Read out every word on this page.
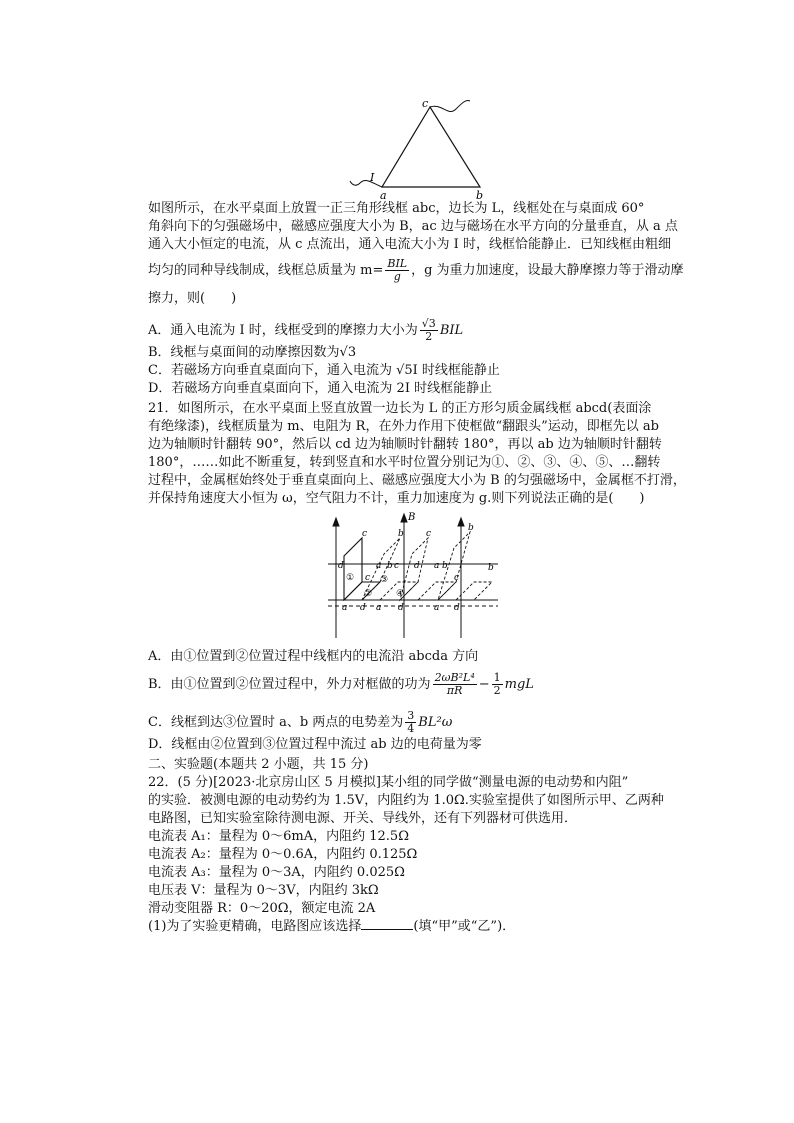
c
a	b
I
如图所示，在水平桌面上放置一正三角形线框 abc，边长为 L，线框处在与桌面成 60°
角斜向下的匀强磁场中，磁感应强度大小为 B，ac 边与磁场在水平方向的分量垂直，从 a 点
通入大小恒定的电流，从 c 点流出，通入电流大小为 I 时，线框恰能静止．已知线框由粗细
均匀的同种导线制成，线框总质量为 $m= \frac{\text{BIL}}{g}$ ，g 为重力加速度，设最大静摩擦力等于滑动摩
擦力，则(　　)
A．通入电流为 I 时，线框受到的摩擦力大小为 $\frac{√3}{2}$ BIL
B．线框与桌面间的动摩擦因数为√3
C．若磁场方向垂直桌面向下，通入电流为 √5I 时线框能静止
D．若磁场方向垂直桌面向下，通入电流为 2I 时线框能静止
21．如图所示，在水平桌面上竖直放置一边长为 L 的正方形匀质金属线框 abcd(表面涂
有绝缘漆)，线框质量为 m、电阻为 R，在外力作用下使框做“翻跟头”运动，即框先以 ab
边为轴顺时针翻转 90°，然后以 cd 边为轴顺时针翻转 180°，再以 ab 边为轴顺时针翻转
180°，……如此不断重复，转到竖直和水平时位置分别记为①、②、③、④、⑤、…翻转
过程中，金属框始终处于垂直桌面向上、磁感应强度大小为 B 的匀强磁场中，金属框不打滑，
并保持角速度大小恒为 ω，空气阻力不计，重力加速度为 g.则下列说法正确的是(　　)
B
①
②
③
④
c	b c
b
c
d	a b c d a b
c
b
a d a d	a d
A．由①位置到②位置过程中线框内的电流沿 abcda 方向
B．由①位置到②位置过程中，外力对框做的功为 $\frac{\text{2ωB²L⁴}}{\pi R} - \frac{1}{2}$ mgL
C．线框到达③位置时 a、b 两点的电势差为 $\frac{3}{4} BL^2\omega$
D．线框由②位置到③位置过程中流过 ab 边的电荷量为零
二、实验题(本题共 2 小题，共 15 分)
22．(5 分)[2023·北京房山区 5 月模拟]某小组的同学做“测量电源的电动势和内阻”
的实验．被测电源的电动势约为 1.5V，内阻约为 1.0Ω.实验室提供了如图所示甲、乙两种
电路图，已知实验室除待测电源、开关、导线外，还有下列器材可供选用．
电流表 A₁：量程为 0～6mA，内阻约 12.5Ω
电流表 A₂：量程为 0～0.6A，内阻约 0.125Ω
电流表 A₃：量程为 0～3A，内阻约 0.025Ω
电压表 V：量程为 0～3V，内阻约 3kΩ
滑动变阻器 R：0～20Ω，额定电流 2A
(1)为了实验更精确，电路图应该选择	(填“甲”或“乙”)．
